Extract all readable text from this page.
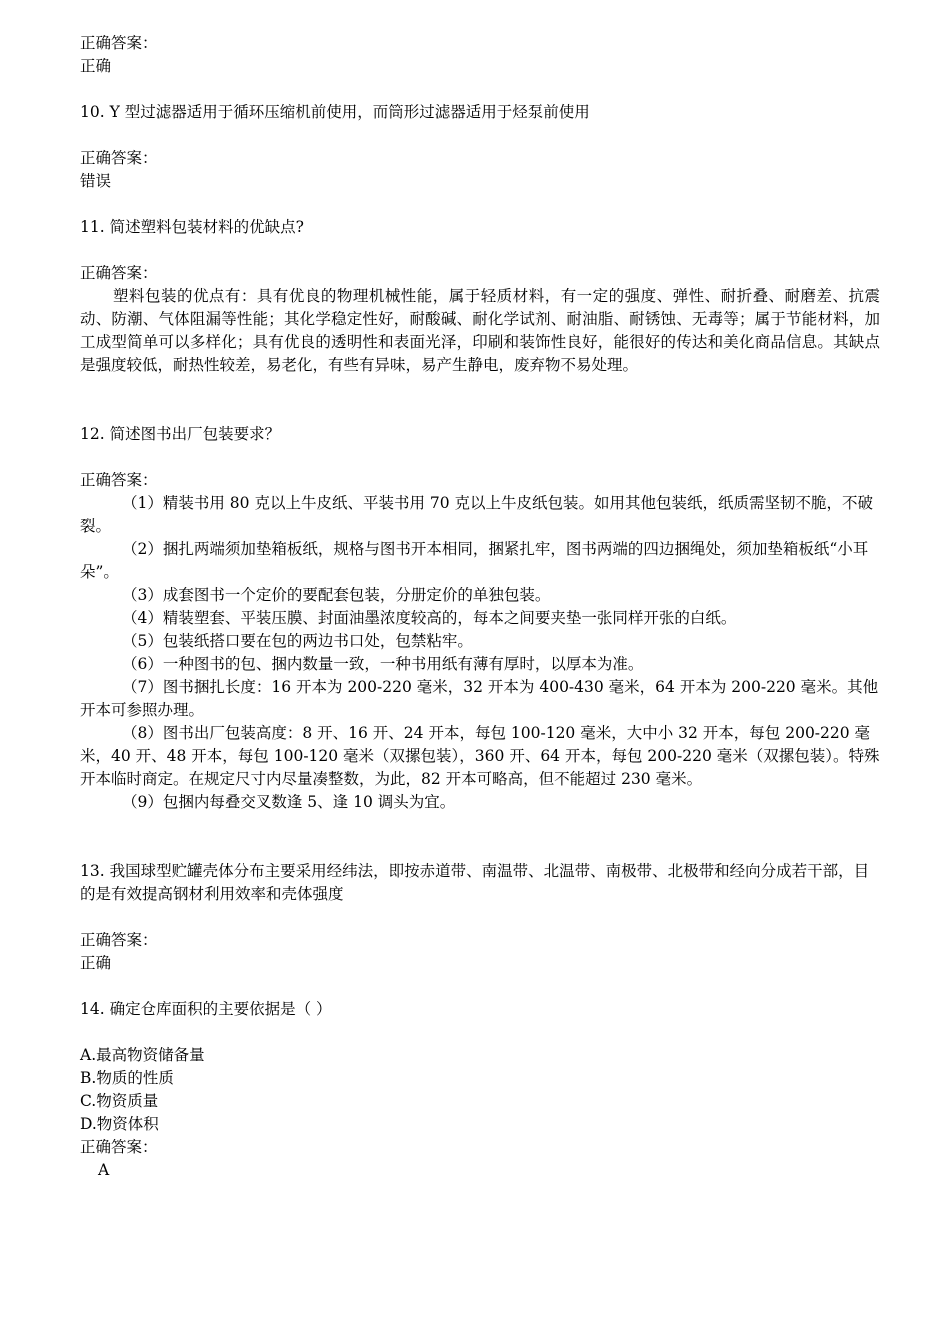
正确答案：
正确
10. Y 型过滤器适用于循环压缩机前使用，而筒形过滤器适用于烃泵前使用
正确答案：
错误
11. 简述塑料包装材料的优缺点?
正确答案：
塑料包装的优点有：具有优良的物理机械性能，属于轻质材料，有一定的强度、弹性、耐折叠、耐磨差、抗震动、防潮、气体阻漏等性能；其化学稳定性好，耐酸碱、耐化学试剂、耐油脂、耐锈蚀、无毒等；属于节能材料，加工成型简单可以多样化；具有优良的透明性和表面光泽，印刷和装饰性良好，能很好的传达和美化商品信息。其缺点是强度较低，耐热性较差，易老化，有些有异味，易产生静电，废弃物不易处理。
12. 简述图书出厂包装要求？
正确答案：
（1）精装书用 80 克以上牛皮纸、平装书用 70 克以上牛皮纸包装。如用其他包装纸，纸质需坚韧不脆，不破裂。
（2）捆扎两端须加垫箱板纸，规格与图书开本相同，捆紧扎牢，图书两端的四边捆绳处，须加垫箱板纸“小耳朵”。
（3）成套图书一个定价的要配套包装，分册定价的单独包装。
（4）精装塑套、平装压膜、封面油墨浓度较高的，每本之间要夹垫一张同样开张的白纸。
（5）包装纸搭口要在包的两边书口处，包禁粘牢。
（6）一种图书的包、捆内数量一致，一种书用纸有薄有厚时，以厚本为准。
（7）图书捆扎长度：16 开本为 200-220 毫米，32 开本为 400-430 毫米，64 开本为 200-220 毫米。其他开本可参照办理。
（8）图书出厂包装高度：8 开、16 开、24 开本，每包 100-120 毫米，大中小 32 开本，每包 200-220 毫米，40 开、48 开本，每包 100-120 毫米（双摞包装），360 开、64 开本，每包 200-220 毫米（双摞包装）。特殊开本临时商定。在规定尺寸内尽量凑整数，为此，82 开本可略高，但不能超过 230 毫米。
（9）包捆内每叠交叉数逢 5、逢 10 调头为宜。
13. 我国球型贮罐壳体分布主要采用经纬法，即按赤道带、南温带、北温带、南极带、北极带和经向分成若干部，目的是有效提高钢材利用效率和壳体强度
正确答案：
正确
14. 确定仓库面积的主要依据是（ ）
A.最高物资储备量
B.物质的性质
C.物资质量
D.物资体积
正确答案：
A
